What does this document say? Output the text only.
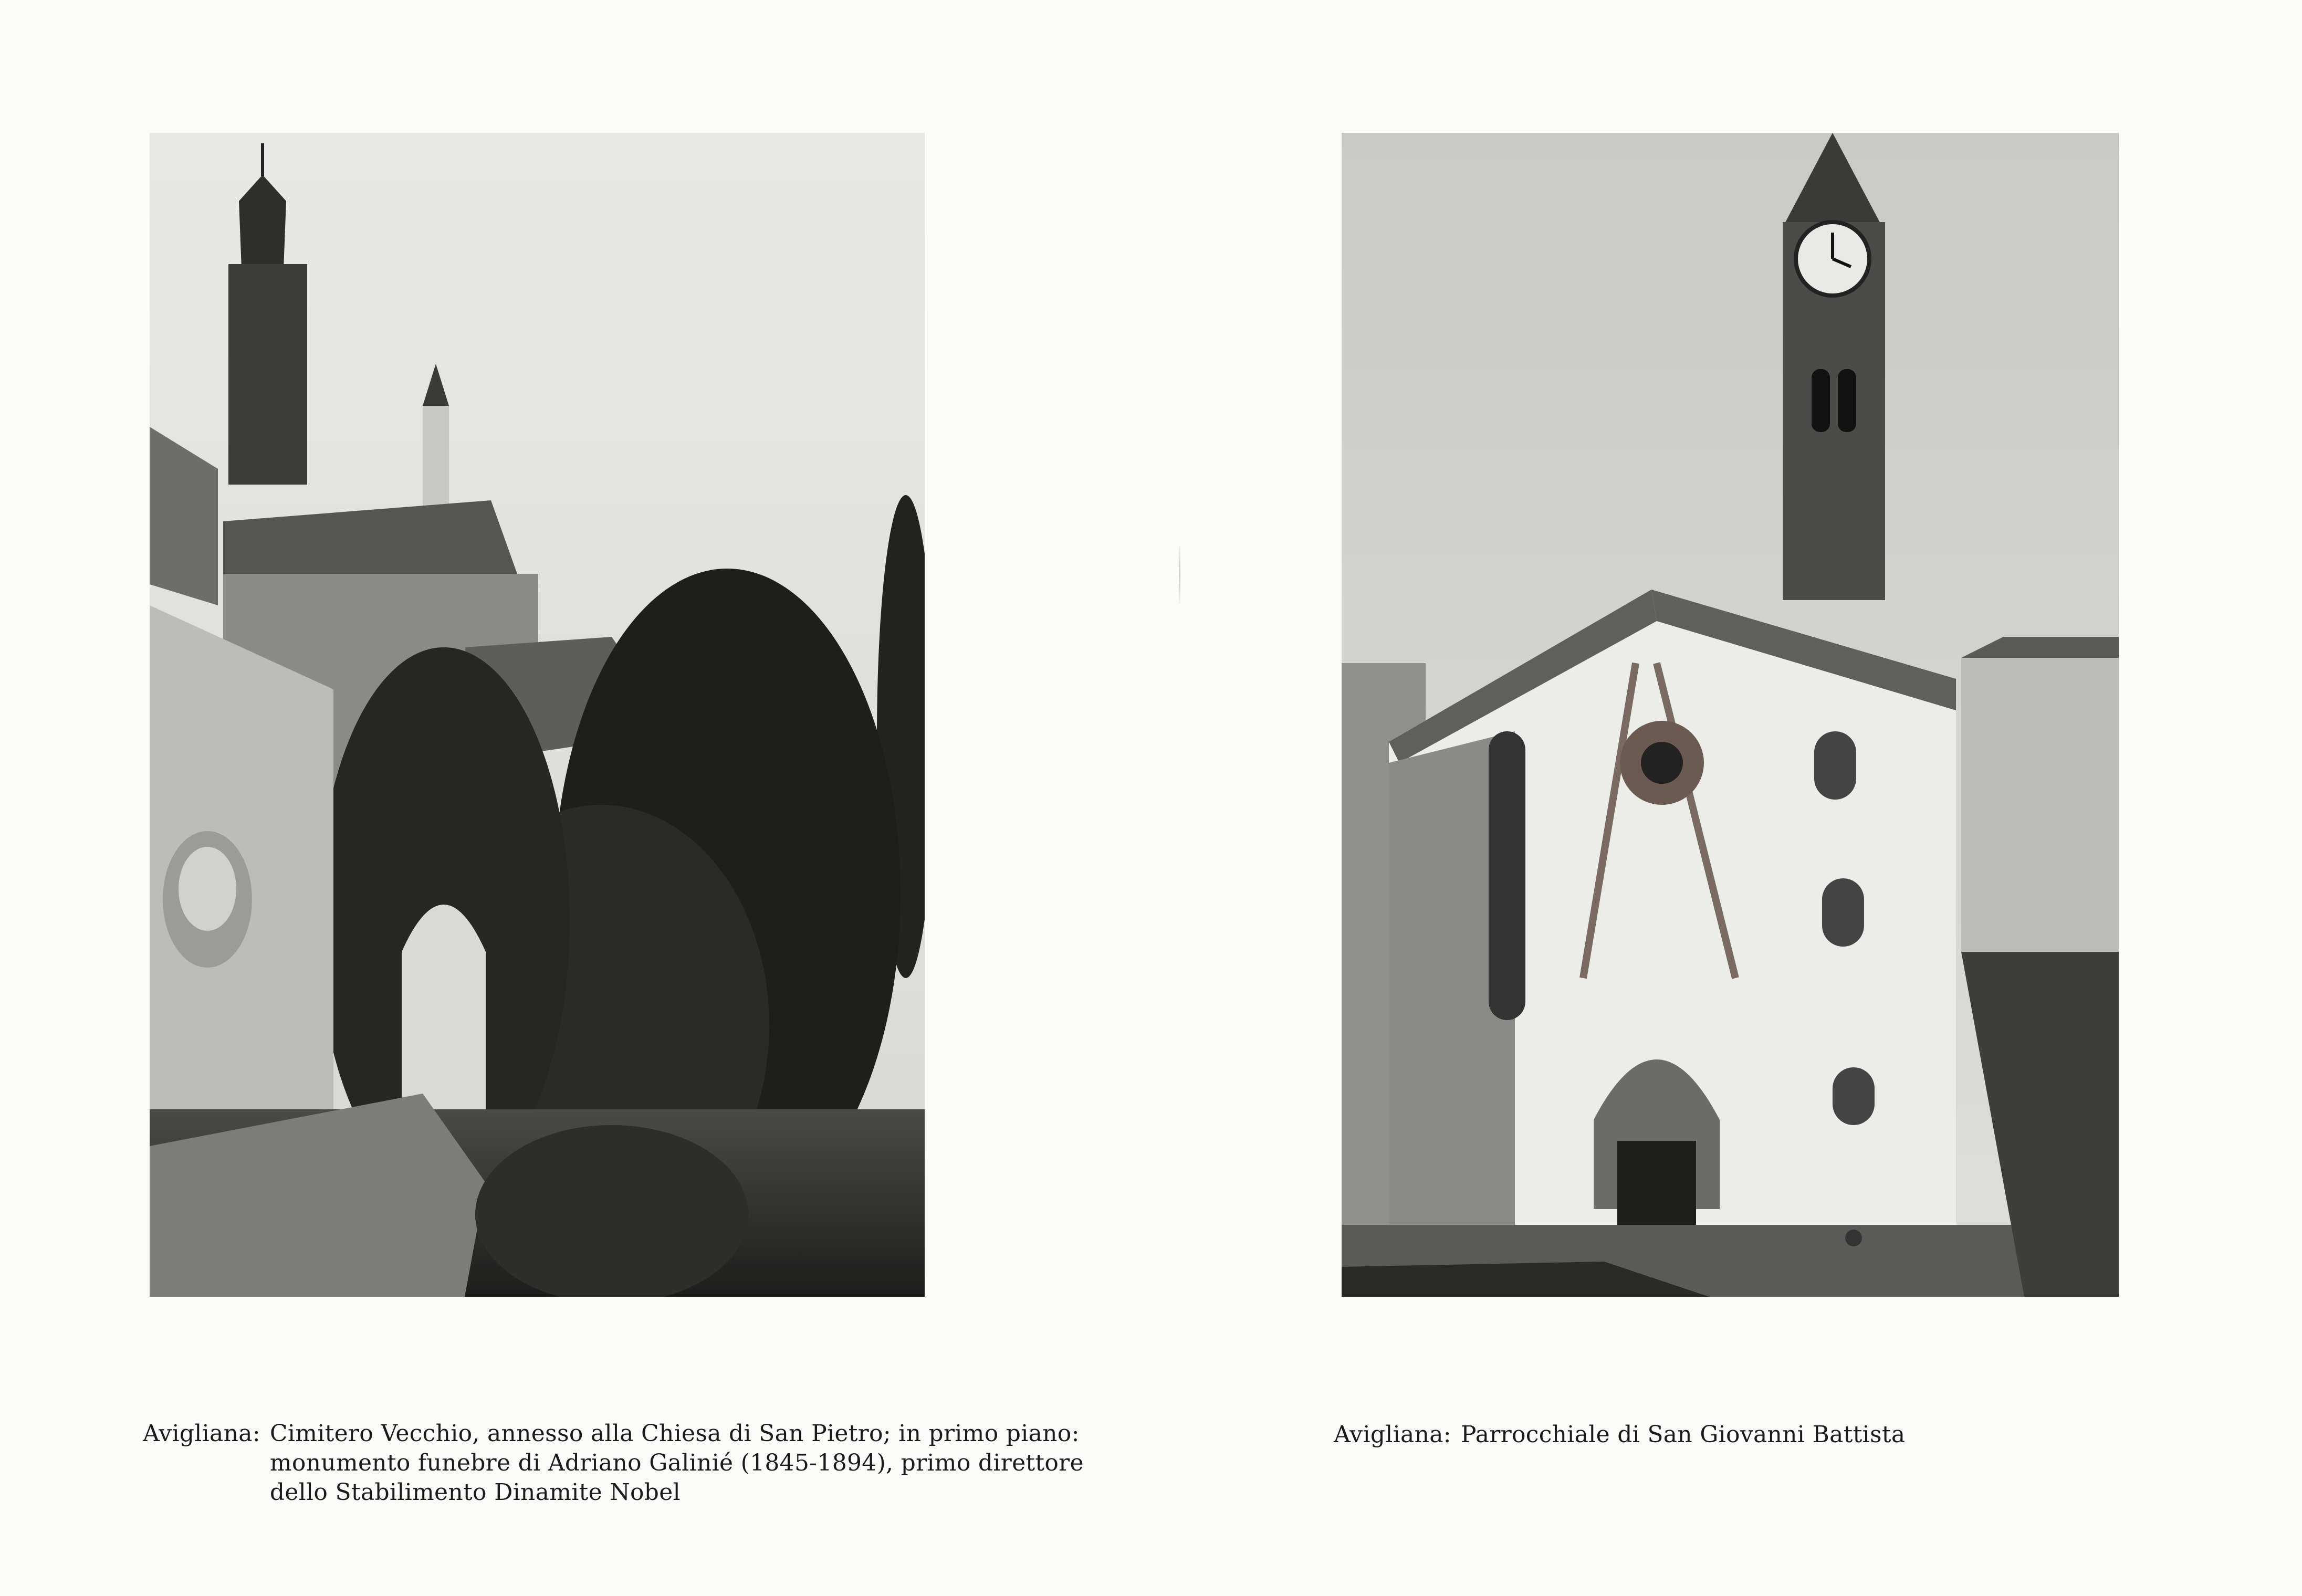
Avigliana: Cimitero Vecchio, annesso alla Chiesa di San Pietro; in primo piano:
monumento funebre di Adriano Galinié (1845-1894), primo direttore
dello Stabilimento Dinamite Nobel
Avigliana: Parrocchiale di San Giovanni Battista
